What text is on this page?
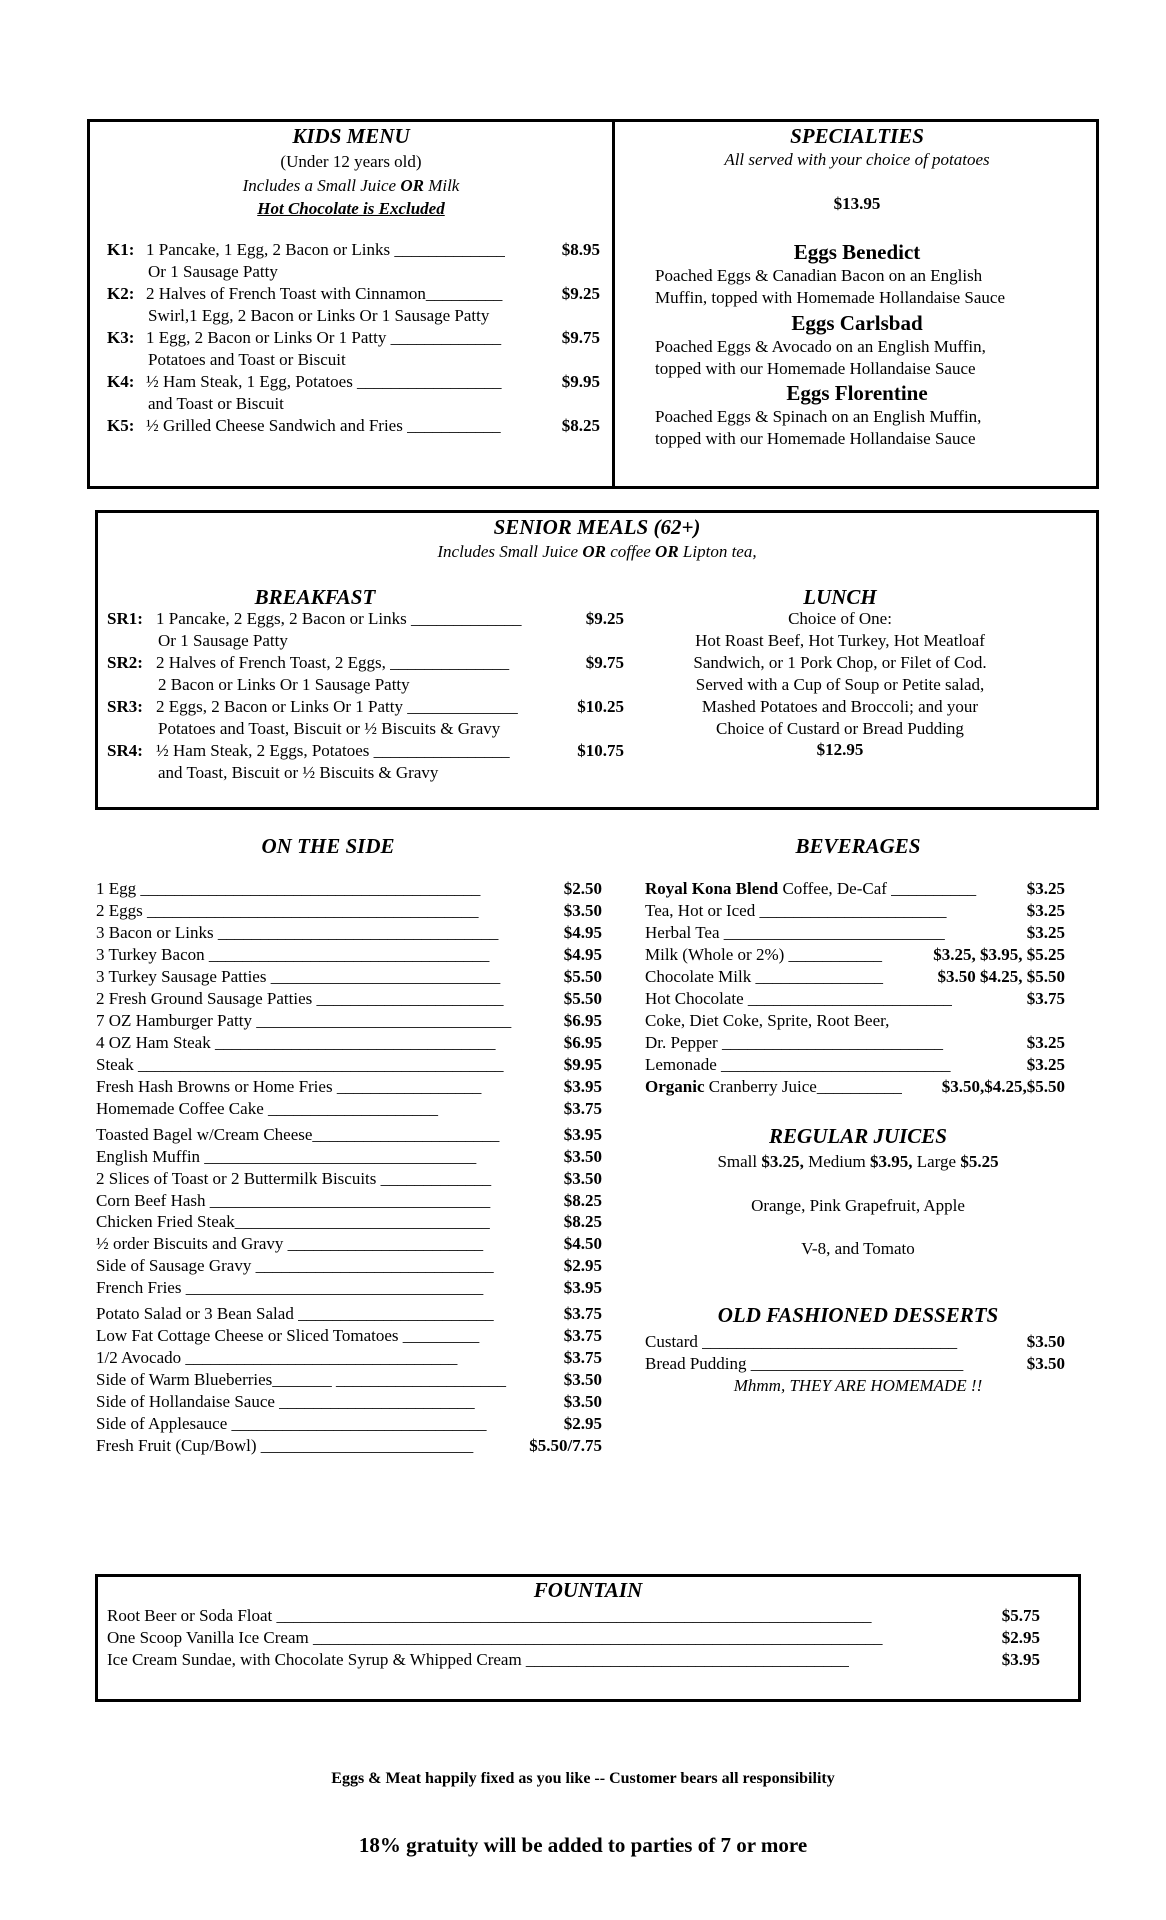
KIDS MENU
(Under 12 years old)
Includes a Small Juice OR Milk
Hot Chocolate is Excluded
K1: 1 Pancake, 1 Egg, 2 Bacon or Links _____________	$8.95
Or 1 Sausage Patty
K2: 2 Halves of French Toast with Cinnamon_________	$9.25
Swirl,1 Egg, 2 Bacon or Links Or 1 Sausage Patty
K3: 1 Egg, 2 Bacon or Links Or 1 Patty _____________	$9.75
Potatoes and Toast or Biscuit
K4: ½ Ham Steak, 1 Egg, Potatoes _________________	$9.95
and Toast or Biscuit
K5: ½ Grilled Cheese Sandwich and Fries ___________	$8.25
SPECIALTIES
All served with your choice of potatoes
$13.95
Eggs Benedict
Poached Eggs & Canadian Bacon on an English
Muffin, topped with Homemade Hollandaise Sauce
Eggs Carlsbad
Poached Eggs & Avocado on an English Muffin,
topped with our Homemade Hollandaise Sauce
Eggs Florentine
Poached Eggs & Spinach on an English Muffin,
topped with our Homemade Hollandaise Sauce
SENIOR MEALS (62+)
Includes Small Juice OR coffee OR Lipton tea,
BREAKFAST
SR1: 1 Pancake, 2 Eggs, 2 Bacon or Links _____________	$9.25
Or 1 Sausage Patty
SR2: 2 Halves of French Toast, 2 Eggs, ______________	$9.75
2 Bacon or Links Or 1 Sausage Patty
SR3: 2 Eggs, 2 Bacon or Links Or 1 Patty _____________	$10.25
Potatoes and Toast, Biscuit or ½ Biscuits & Gravy
SR4: ½ Ham Steak, 2 Eggs, Potatoes ________________	$10.75
and Toast, Biscuit or ½ Biscuits & Gravy
LUNCH
Choice of One:
Hot Roast Beef, Hot Turkey, Hot Meatloaf
Sandwich, or 1 Pork Chop, or Filet of Cod.
Served with a Cup of Soup or Petite salad,
Mashed Potatoes and Broccoli; and your
Choice of Custard or Bread Pudding
$12.95
ON THE SIDE
1 Egg ________________________________________	$2.50
2 Eggs _______________________________________	$3.50
3 Bacon or Links _________________________________	$4.95
3 Turkey Bacon _________________________________	$4.95
3 Turkey Sausage Patties ___________________________	$5.50
2 Fresh Ground Sausage Patties ______________________	$5.50
7 OZ Hamburger Patty ______________________________	$6.95
4 OZ Ham Steak _________________________________	$6.95
Steak ___________________________________________	$9.95
Fresh Hash Browns or Home Fries _________________	$3.95
Homemade Coffee Cake ____________________	$3.75
Toasted Bagel w/Cream Cheese______________________	$3.95
English Muffin ________________________________	$3.50
2 Slices of Toast or 2 Buttermilk Biscuits _____________	$3.50
Corn Beef Hash _________________________________	$8.25
Chicken Fried Steak______________________________	$8.25
½ order Biscuits and Gravy _______________________	$4.50
Side of Sausage Gravy ____________________________	$2.95
French Fries ___________________________________	$3.95
Potato Salad or 3 Bean Salad _______________________	$3.75
Low Fat Cottage Cheese or Sliced Tomatoes _________	$3.75
1/2 Avocado ________________________________	$3.75
Side of Warm Blueberries_______ ____________________	$3.50
Side of Hollandaise Sauce _______________________	$3.50
Side of Applesauce ______________________________	$2.95
Fresh Fruit (Cup/Bowl) _________________________	$5.50/7.75
BEVERAGES
Royal Kona Blend Coffee, De-Caf __________	$3.25
Tea, Hot or Iced ______________________	$3.25
Herbal Tea __________________________	$3.25
Milk (Whole or 2%) ___________	$3.25, $3.95, $5.25
Chocolate Milk _______________	$3.50 $4.25, $5.50
Hot Chocolate ________________________	$3.75
Coke, Diet Coke, Sprite, Root Beer,
Dr. Pepper __________________________	$3.25
Lemonade ___________________________	$3.25
Organic Cranberry Juice__________	$3.50,$4.25,$5.50
REGULAR JUICES
Small $3.25, Medium $3.95, Large $5.25
Orange, Pink Grapefruit, Apple
V-8, and Tomato
OLD FASHIONED DESSERTS
Custard ______________________________	$3.50
Bread Pudding _________________________	$3.50
Mhmm, THEY ARE HOMEMADE !!
FOUNTAIN
Root Beer or Soda Float ______________________________________________________________________	$5.75
One Scoop Vanilla Ice Cream ___________________________________________________________________	$2.95
Ice Cream Sundae, with Chocolate Syrup & Whipped Cream ______________________________________	$3.95
Eggs & Meat happily fixed as you like -- Customer bears all responsibility
18% gratuity will be added to parties of 7 or more
